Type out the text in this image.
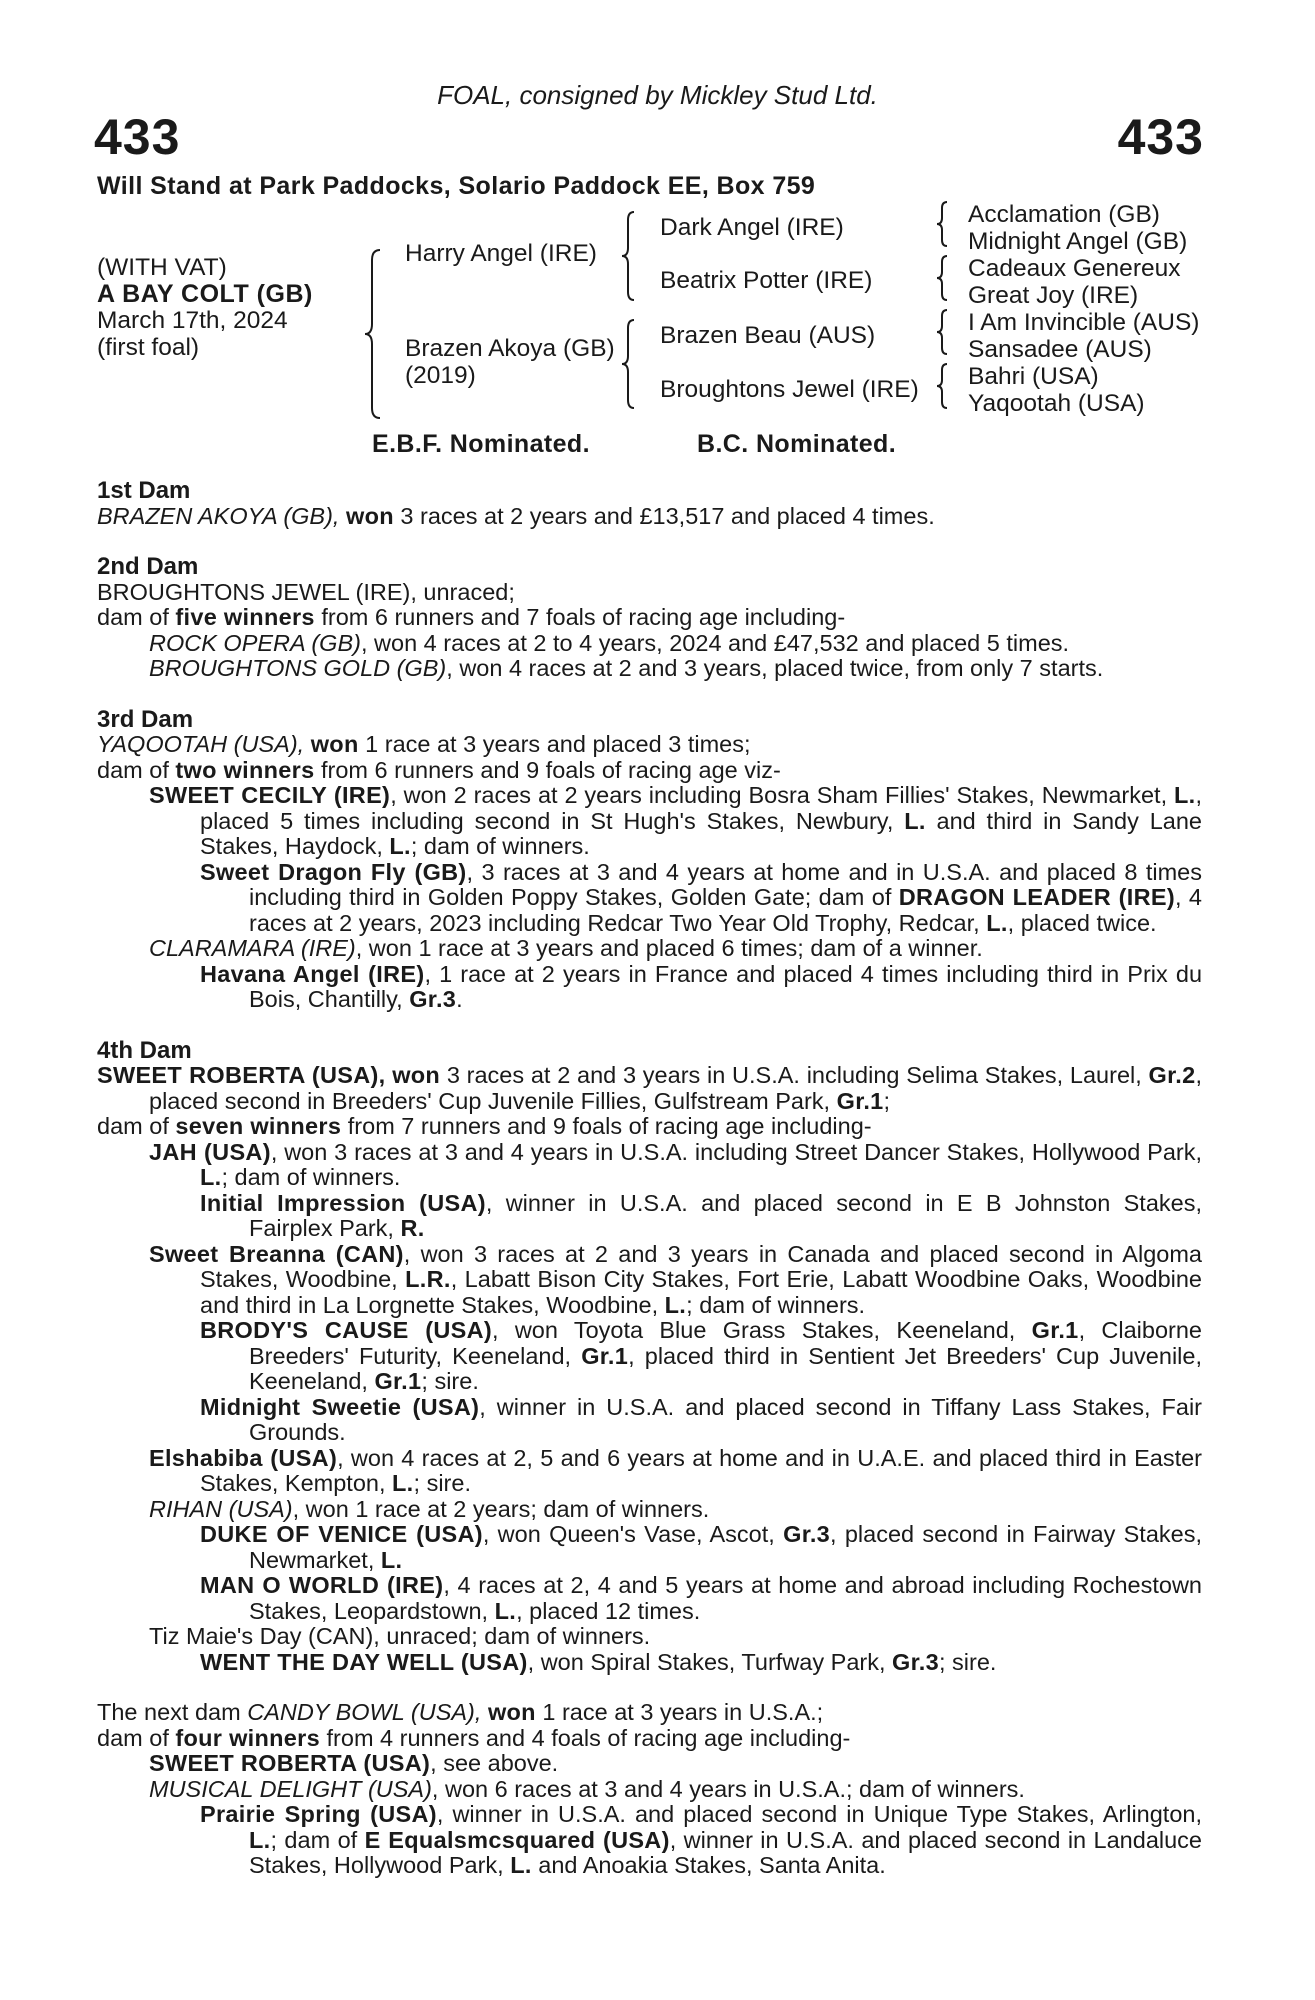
FOAL, consigned by Mickley Stud Ltd.
433	433
Will Stand at Park Paddocks, Solario Paddock EE, Box 759
(WITH VAT)
A BAY COLT (GB)
March 17th, 2024
(first foal)
Harry Angel (IRE)
Brazen Akoya (GB)
(2019)
Dark Angel (IRE)
Beatrix Potter (IRE)
Brazen Beau (AUS)
Broughtons Jewel (IRE)
Acclamation (GB)
Midnight Angel (GB)
Cadeaux Genereux
Great Joy (IRE)
I Am Invincible (AUS)
Sansadee (AUS)
Bahri (USA)
Yaqootah (USA)
E.B.F. Nominated.	B.C. Nominated.

1st Dam

BRAZEN AKOYA (GB), won 3 races at 2 years and £13,517 and placed 4 times.

2nd Dam

BROUGHTONS JEWEL (IRE), unraced;

dam of five winners from 6 runners and 7 foals of racing age including-

ROCK OPERA (GB), won 4 races at 2 to 4 years, 2024 and £47,532 and placed 5 times.

BROUGHTONS GOLD (GB), won 4 races at 2 and 3 years, placed twice, from only 7 starts.

3rd Dam

YAQOOTAH (USA), won 1 race at 3 years and placed 3 times;

dam of two winners from 6 runners and 9 foals of racing age viz-

SWEET CECILY (IRE), won 2 races at 2 years including Bosra Sham Fillies' Stakes, Newmarket, L., placed 5 times including second in St Hugh's Stakes, Newbury, L. and third in Sandy Lane Stakes, Haydock, L.; dam of winners.

Sweet Dragon Fly (GB), 3 races at 3 and 4 years at home and in U.S.A. and placed 8 times including third in Golden Poppy Stakes, Golden Gate; dam of DRAGON LEADER (IRE), 4 races at 2 years, 2023 including Redcar Two Year Old Trophy, Redcar, L., placed twice.

CLARAMARA (IRE), won 1 race at 3 years and placed 6 times; dam of a winner.

Havana Angel (IRE), 1 race at 2 years in France and placed 4 times including third in Prix du Bois, Chantilly, Gr.3.

4th Dam

SWEET ROBERTA (USA), won 3 races at 2 and 3 years in U.S.A. including Selima Stakes, Laurel, Gr.2, placed second in Breeders' Cup Juvenile Fillies, Gulfstream Park, Gr.1;

dam of seven winners from 7 runners and 9 foals of racing age including-

JAH (USA), won 3 races at 3 and 4 years in U.S.A. including Street Dancer Stakes, Hollywood Park, L.; dam of winners.

Initial Impression (USA), winner in U.S.A. and placed second in E B Johnston Stakes, Fairplex Park, R.

Sweet Breanna (CAN), won 3 races at 2 and 3 years in Canada and placed second in Algoma Stakes, Woodbine, L.R., Labatt Bison City Stakes, Fort Erie, Labatt Woodbine Oaks, Woodbine and third in La Lorgnette Stakes, Woodbine, L.; dam of winners.

BRODY'S CAUSE (USA), won Toyota Blue Grass Stakes, Keeneland, Gr.1, Claiborne Breeders' Futurity, Keeneland, Gr.1, placed third in Sentient Jet Breeders' Cup Juvenile, Keeneland, Gr.1; sire.

Midnight Sweetie (USA), winner in U.S.A. and placed second in Tiffany Lass Stakes, Fair Grounds.

Elshabiba (USA), won 4 races at 2, 5 and 6 years at home and in U.A.E. and placed third in Easter Stakes, Kempton, L.; sire.

RIHAN (USA), won 1 race at 2 years; dam of winners.

DUKE OF VENICE (USA), won Queen's Vase, Ascot, Gr.3, placed second in Fairway Stakes, Newmarket, L.

MAN O WORLD (IRE), 4 races at 2, 4 and 5 years at home and abroad including Rochestown Stakes, Leopardstown, L., placed 12 times.

Tiz Maie's Day (CAN), unraced; dam of winners.

WENT THE DAY WELL (USA), won Spiral Stakes, Turfway Park, Gr.3; sire.

The next dam CANDY BOWL (USA), won 1 race at 3 years in U.S.A.;

dam of four winners from 4 runners and 4 foals of racing age including-

SWEET ROBERTA (USA), see above.

MUSICAL DELIGHT (USA), won 6 races at 3 and 4 years in U.S.A.; dam of winners.

Prairie Spring (USA), winner in U.S.A. and placed second in Unique Type Stakes, Arlington, L.; dam of E Equalsmcsquared (USA), winner in U.S.A. and placed second in Landaluce Stakes, Hollywood Park, L. and Anoakia Stakes, Santa Anita.
